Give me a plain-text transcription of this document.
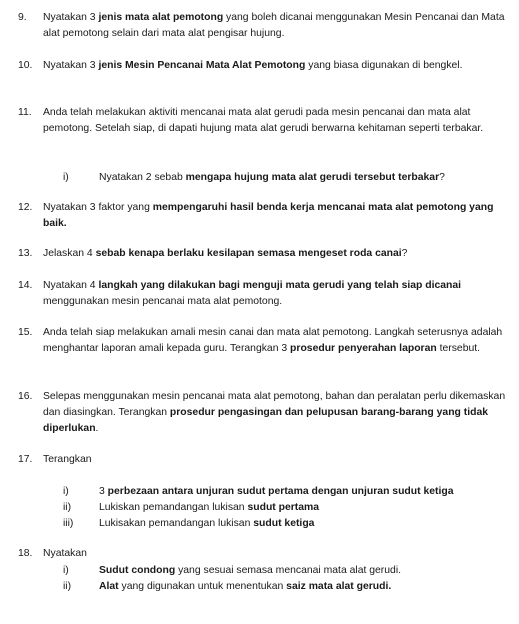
9. Nyatakan 3 jenis mata alat pemotong yang boleh dicanai menggunakan Mesin Pencanai dan Mata alat pemotong selain dari mata alat pengisar hujung.
10. Nyatakan 3 jenis Mesin Pencanai Mata Alat Pemotong yang biasa digunakan di bengkel.
11. Anda telah melakukan aktiviti mencanai mata alat gerudi pada mesin pencanai dan mata alat pemotong. Setelah siap, di dapati hujung mata alat gerudi berwarna kehitaman seperti terbakar.
i)	Nyatakan 2 sebab mengapa hujung mata alat gerudi tersebut terbakar?
12. Nyatakan 3 faktor yang mempengaruhi hasil benda kerja mencanai mata alat pemotong yang baik.
13. Jelaskan 4 sebab kenapa berlaku kesilapan semasa mengeset roda canai?
14. Nyatakan 4 langkah yang dilakukan bagi menguji mata gerudi yang telah siap dicanai menggunakan mesin pencanai mata alat pemotong.
15. Anda telah siap melakukan amali mesin canai dan mata alat pemotong. Langkah seterusnya adalah menghantar laporan amali kepada guru. Terangkan 3 prosedur penyerahan laporan tersebut.
16. Selepas menggunakan mesin pencanai mata alat pemotong, bahan dan peralatan perlu dikemaskan dan diasingkan. Terangkan prosedur pengasingan dan pelupusan barang-barang yang tidak diperlukan.
17. Terangkan
i)	3 perbezaan antara unjuran sudut pertama dengan unjuran sudut ketiga
ii)	Lukiskan pemandangan lukisan sudut pertama
iii) Lukisakan pemandangan lukisan sudut ketiga
18. Nyatakan
i)	Sudut condong yang sesuai semasa mencanai mata alat gerudi.
ii)	Alat yang digunakan untuk menentukan saiz mata alat gerudi.
